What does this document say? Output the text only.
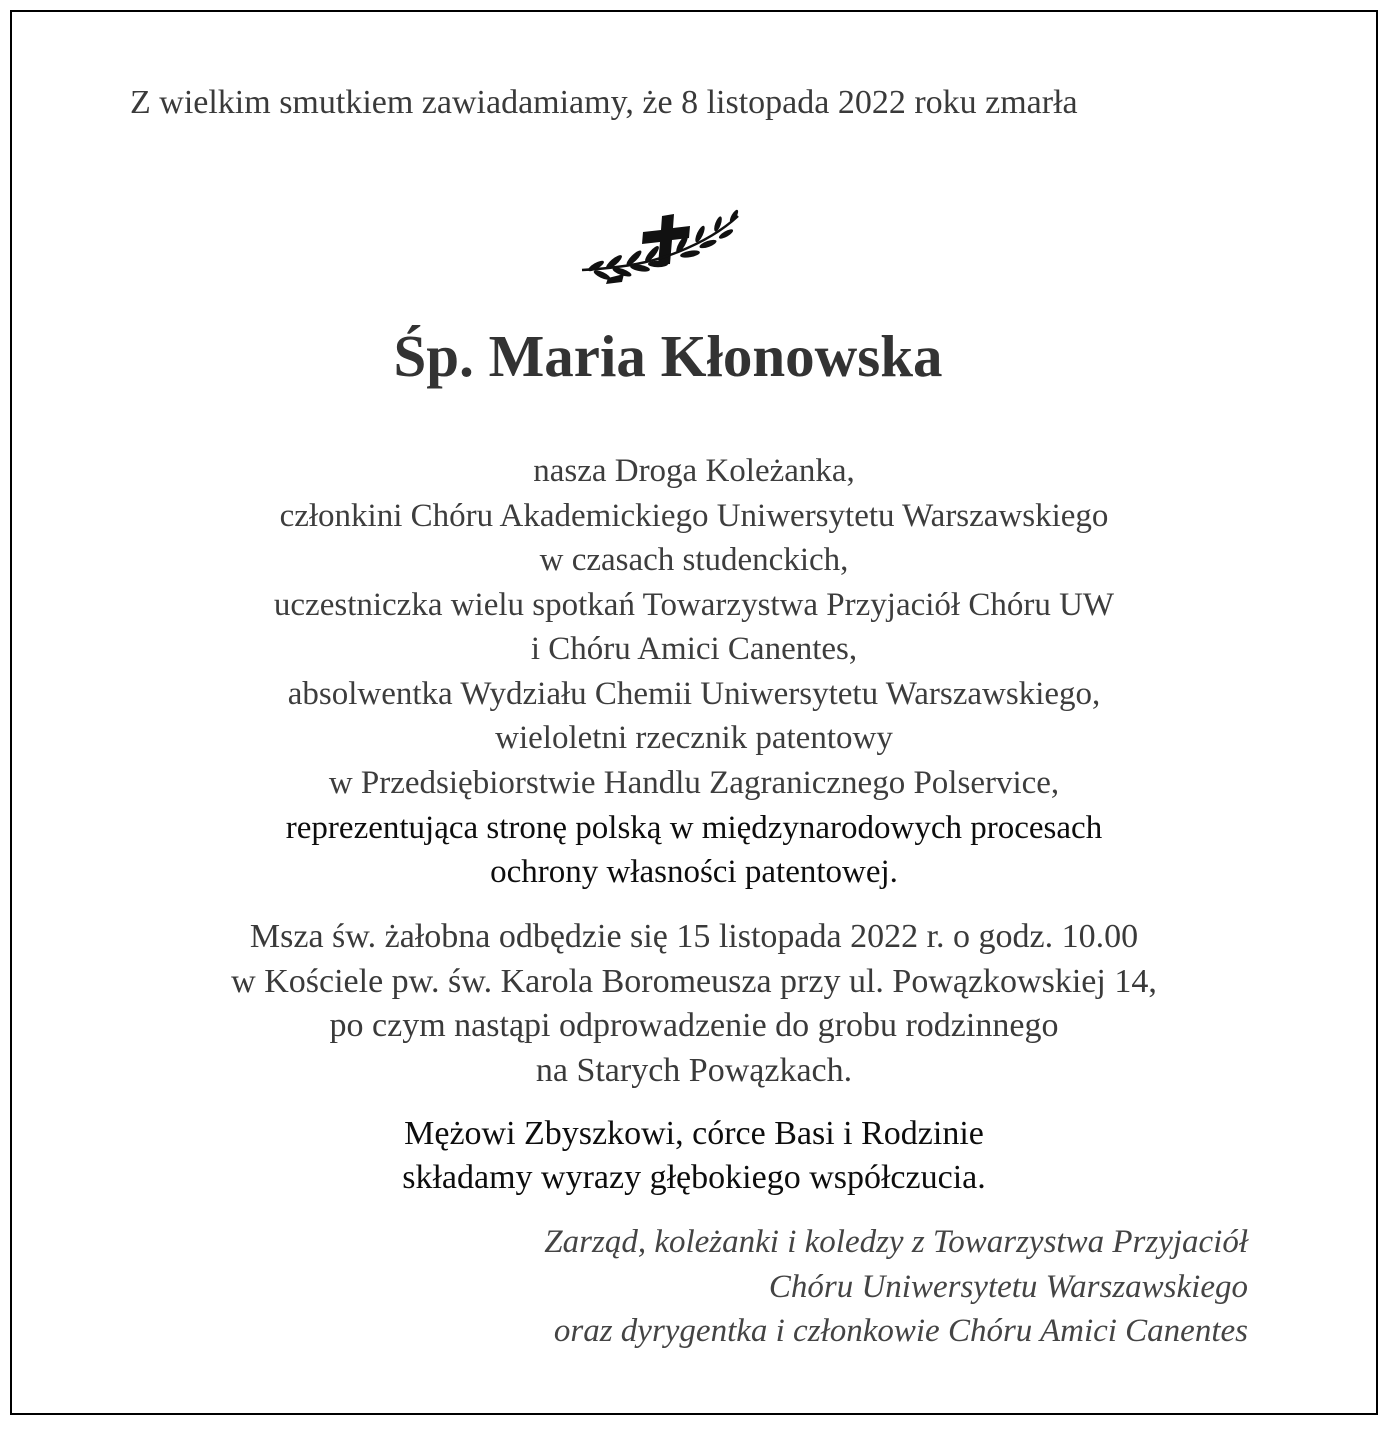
Z wielkim smutkiem zawiadamiamy, że 8 listopada 2022 roku zmarła

Śp. Maria Kłonowska

nasza Droga Koleżanka,

członkini Chóru Akademickiego Uniwersytetu Warszawskiego

w czasach studenckich,

uczestniczka wielu spotkań Towarzystwa Przyjaciół Chóru UW

i Chóru Amici Canentes,

absolwentka Wydziału Chemii Uniwersytetu Warszawskiego,

wieloletni rzecznik patentowy

w Przedsiębiorstwie Handlu Zagranicznego Polservice,

reprezentująca stronę polską w międzynarodowych procesach

ochrony własności patentowej.

Msza św. żałobna odbędzie się 15 listopada 2022 r. o godz. 10.00

w Kościele pw. św. Karola Boromeusza przy ul. Powązkowskiej 14,

po czym nastąpi odprowadzenie do grobu rodzinnego

na Starych Powązkach.

Mężowi Zbyszkowi, córce Basi i Rodzinie

składamy wyrazy głębokiego współczucia.

Zarząd, koleżanki i koledzy z Towarzystwa Przyjaciół

Chóru Uniwersytetu Warszawskiego

oraz dyrygentka i członkowie Chóru Amici Canentes
